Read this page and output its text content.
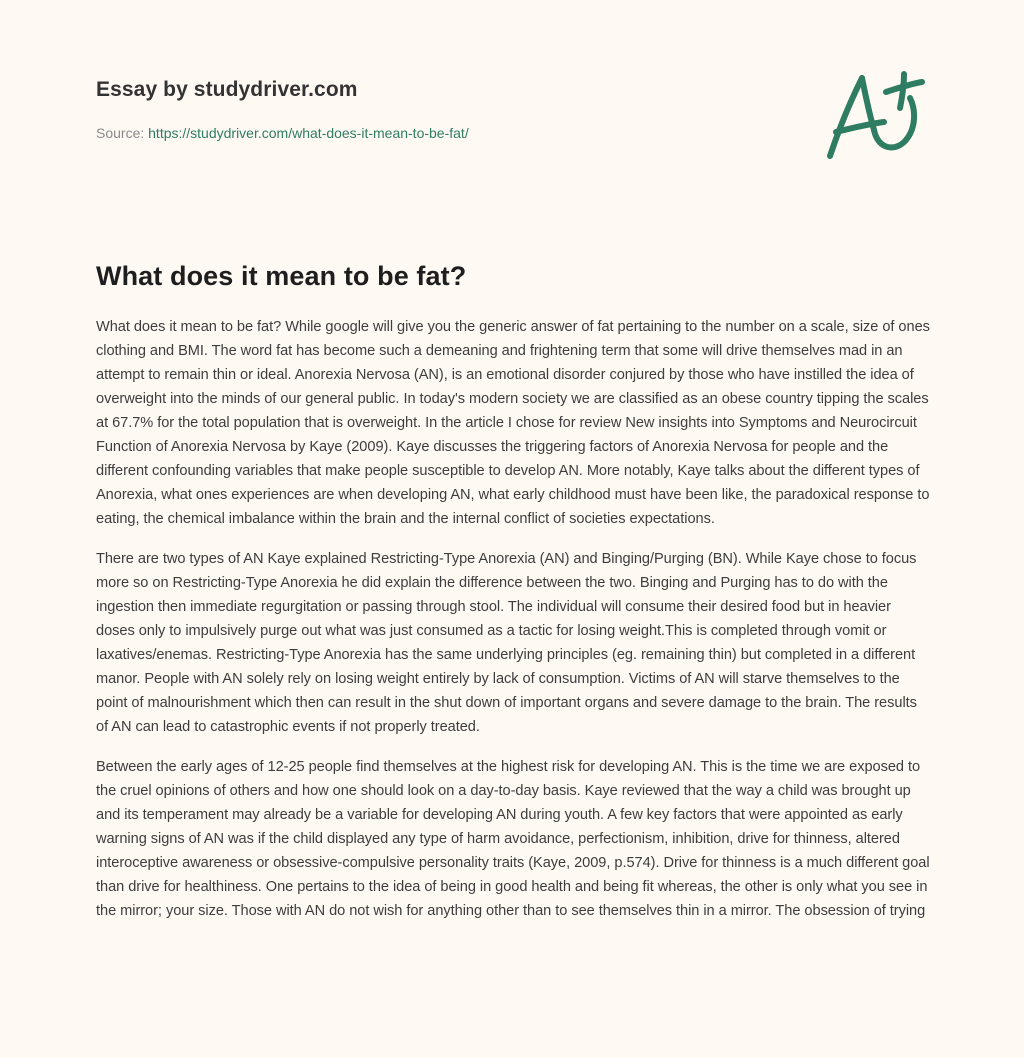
Essay by studydriver.com
Source: https://studydriver.com/what-does-it-mean-to-be-fat/
What does it mean to be fat?

What does it mean to be fat? While google will give you the generic answer of fat pertaining to the number on a scale, size of ones clothing and BMI. The word fat has become such a demeaning and frightening term that some will drive themselves mad in an attempt to remain thin or ideal. Anorexia Nervosa (AN), is an emotional disorder conjured by those who have instilled the idea of overweight into the minds of our general public. In today's modern society we are classified as an obese country tipping the scales at 67.7% for the total population that is overweight. In the article I chose for review New insights into Symptoms and Neurocircuit Function of Anorexia Nervosa by Kaye (2009). Kaye discusses the triggering factors of Anorexia Nervosa for people and the different confounding variables that make people susceptible to develop AN. More notably, Kaye talks about the different types of Anorexia, what ones experiences are when developing AN, what early childhood must have been like, the paradoxical response to eating, the chemical imbalance within the brain and the internal conflict of societies expectations.

There are two types of AN Kaye explained Restricting-Type Anorexia (AN) and Binging/Purging (BN). While Kaye chose to focus more so on Restricting-Type Anorexia he did explain the difference between the two. Binging and Purging has to do with the ingestion then immediate regurgitation or passing through stool. The individual will consume their desired food but in heavier doses only to impulsively purge out what was just consumed as a tactic for losing weight.This is completed through vomit or laxatives/enemas. Restricting-Type Anorexia has the same underlying principles (eg. remaining thin) but completed in a different manor. People with AN solely rely on losing weight entirely by lack of consumption. Victims of AN will starve themselves to the point of malnourishment which then can result in the shut down of important organs and severe damage to the brain. The results of AN can lead to catastrophic events if not properly treated.

Between the early ages of 12-25 people find themselves at the highest risk for developing AN. This is the time we are exposed to the cruel opinions of others and how one should look on a day-to-day basis. Kaye reviewed that the way a child was brought up and its temperament may already be a variable for developing AN during youth. A few key factors that were appointed as early warning signs of AN was if the child displayed any type of harm avoidance, perfectionism, inhibition, drive for thinness, altered interoceptive awareness or obsessive-compulsive personality traits (Kaye, 2009, p.574). Drive for thinness is a much different goal than drive for healthiness. One pertains to the idea of being in good health and being fit whereas, the other is only what you see in the mirror; your size. Those with AN do not wish for anything other than to see themselves thin in a mirror. The obsession of trying
